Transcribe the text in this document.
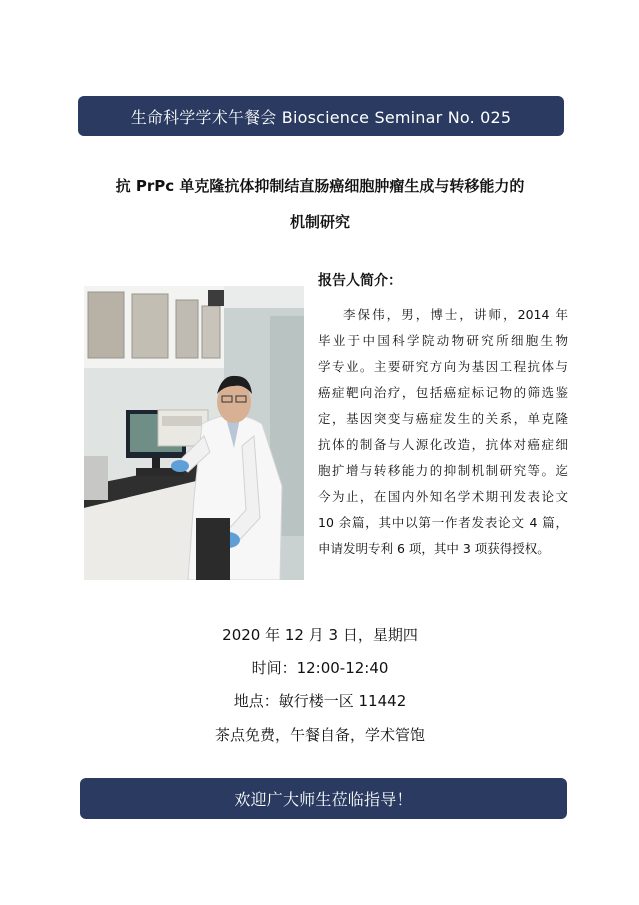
生命科学学术午餐会 Bioscience Seminar No. 025
抗 PrPc 单克隆抗体抑制结直肠癌细胞肿瘤生成与转移能力的
机制研究
报告人简介：
李保伟，男，博士，讲师，2014 年
毕业于中国科学院动物研究所细胞生物
学专业。主要研究方向为基因工程抗体与
癌症靶向治疗，包括癌症标记物的筛选鉴
定，基因突变与癌症发生的关系，单克隆
抗体的制备与人源化改造，抗体对癌症细
胞扩增与转移能力的抑制机制研究等。迄
今为止，在国内外知名学术期刊发表论文
10 余篇，其中以第一作者发表论文 4 篇，
申请发明专利 6 项，其中 3 项获得授权。
2020 年 12 月 3 日，星期四
时间：12:00-12:40
地点：敏行楼一区 11442
茶点免费，午餐自备，学术管饱
欢迎广大师生莅临指导！
